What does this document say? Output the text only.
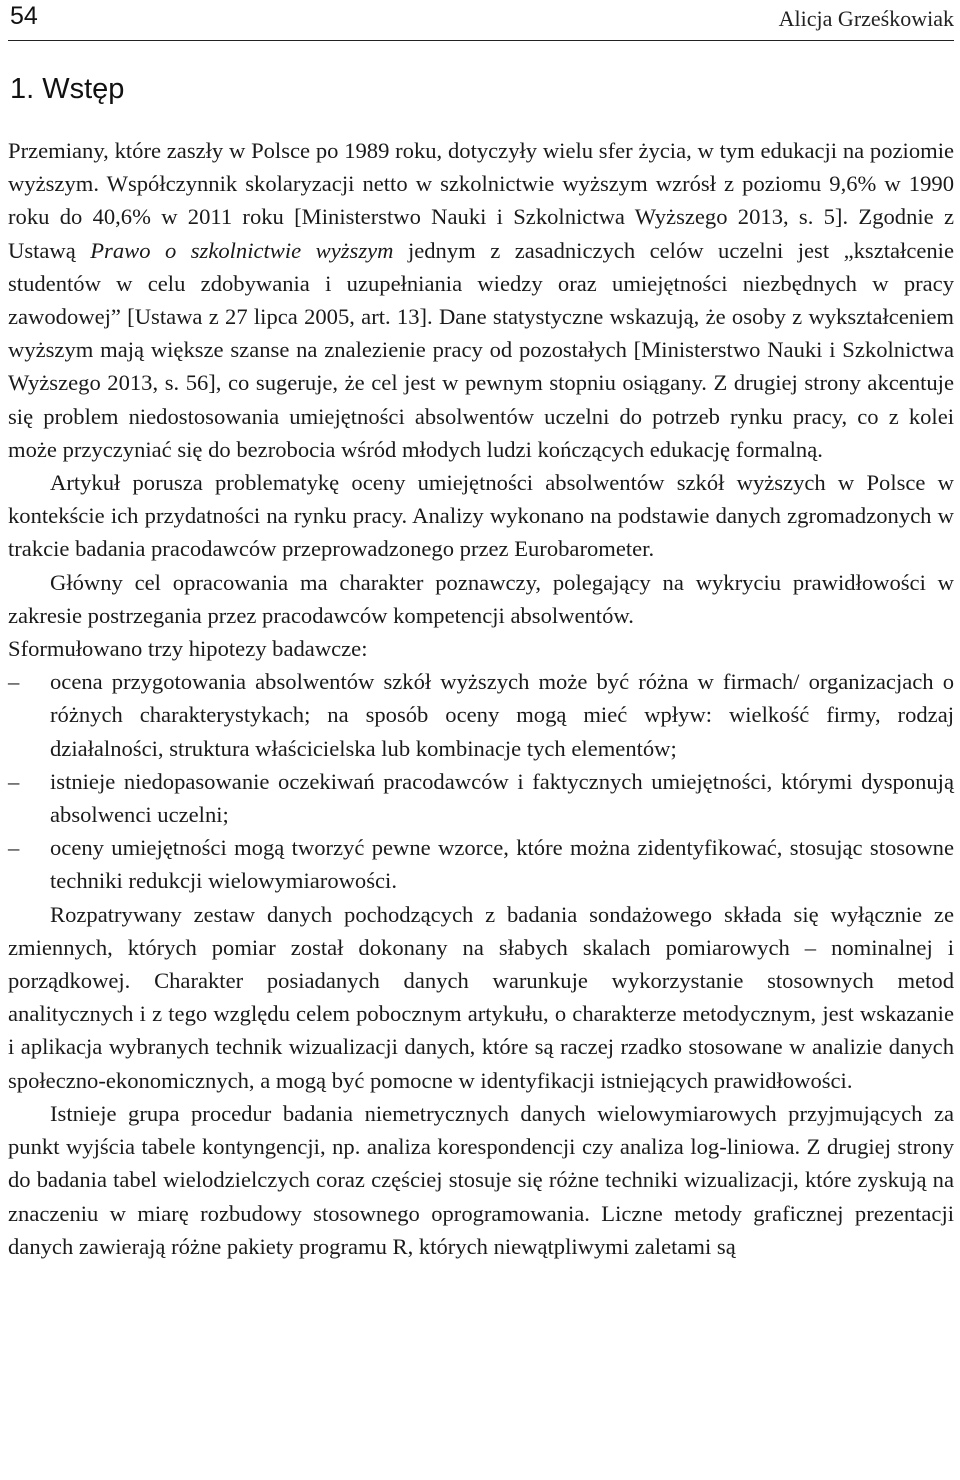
54	Alicja Grześkowiak
1. Wstęp

Przemiany, które zaszły w Polsce po 1989 roku, dotyczyły wielu sfer życia, w tym edukacji na poziomie wyższym. Współczynnik skolaryzacji netto w szkolnictwie wyższym wzrósł z poziomu 9,6% w 1990 roku do 40,6% w 2011 roku [Ministerstwo Nauki i Szkolnictwa Wyższego 2013, s. 5]. Zgodnie z Ustawą Prawo o szkolnictwie wyższym jednym z zasadniczych celów uczelni jest „kształcenie studentów w celu zdobywania i uzupełniania wiedzy oraz umiejętności niezbędnych w pracy zawodowej” [Ustawa z 27 lipca 2005, art. 13]. Dane statystyczne wskazują, że osoby z wykształceniem wyższym mają większe szanse na znalezienie pracy od pozostałych [Ministerstwo Nauki i Szkolnictwa Wyższego 2013, s. 56], co sugeruje, że cel jest w pewnym stopniu osiągany. Z drugiej strony akcentuje się problem niedostosowania umiejętności absolwentów uczelni do potrzeb rynku pracy, co z kolei może przyczyniać się do bezrobocia wśród młodych ludzi kończących edukację formalną.

Artykuł porusza problematykę oceny umiejętności absolwentów szkół wyższych w Polsce w kontekście ich przydatności na rynku pracy. Analizy wykonano na podstawie danych zgromadzonych w trakcie badania pracodawców przeprowadzonego przez Eurobarometer.

Główny cel opracowania ma charakter poznawczy, polegający na wykryciu prawidłowości w zakresie postrzegania przez pracodawców kompetencji absolwentów.

Sformułowano trzy hipotezy badawcze:

– ocena przygotowania absolwentów szkół wyższych może być różna w firmach/ organizacjach o różnych charakterystykach; na sposób oceny mogą mieć wpływ: wielkość firmy, rodzaj działalności, struktura właścicielska lub kombinacje tych elementów;
– istnieje niedopasowanie oczekiwań pracodawców i faktycznych umiejętności, którymi dysponują absolwenci uczelni;
– oceny umiejętności mogą tworzyć pewne wzorce, które można zidentyfikować, stosując stosowne techniki redukcji wielowymiarowości.

Rozpatrywany zestaw danych pochodzących z badania sondażowego składa się wyłącznie ze zmiennych, których pomiar został dokonany na słabych skalach pomiarowych – nominalnej i porządkowej. Charakter posiadanych danych warunkuje wykorzystanie stosownych metod analitycznych i z tego względu celem pobocznym artykułu, o charakterze metodycznym, jest wskazanie i aplikacja wybranych technik wizualizacji danych, które są raczej rzadko stosowane w analizie danych społeczno-ekonomicznych, a mogą być pomocne w identyfikacji istniejących prawidłowości.

Istnieje grupa procedur badania niemetrycznych danych wielowymiarowych przyjmujących za punkt wyjścia tabele kontyngencji, np. analiza korespondencji czy analiza log-liniowa. Z drugiej strony do badania tabel wielodzielczych coraz częściej stosuje się różne techniki wizualizacji, które zyskują na znaczeniu w miarę rozbudowy stosownego oprogramowania. Liczne metody graficznej prezentacji danych zawierają różne pakiety programu R, których niewątpliwymi zaletami są
